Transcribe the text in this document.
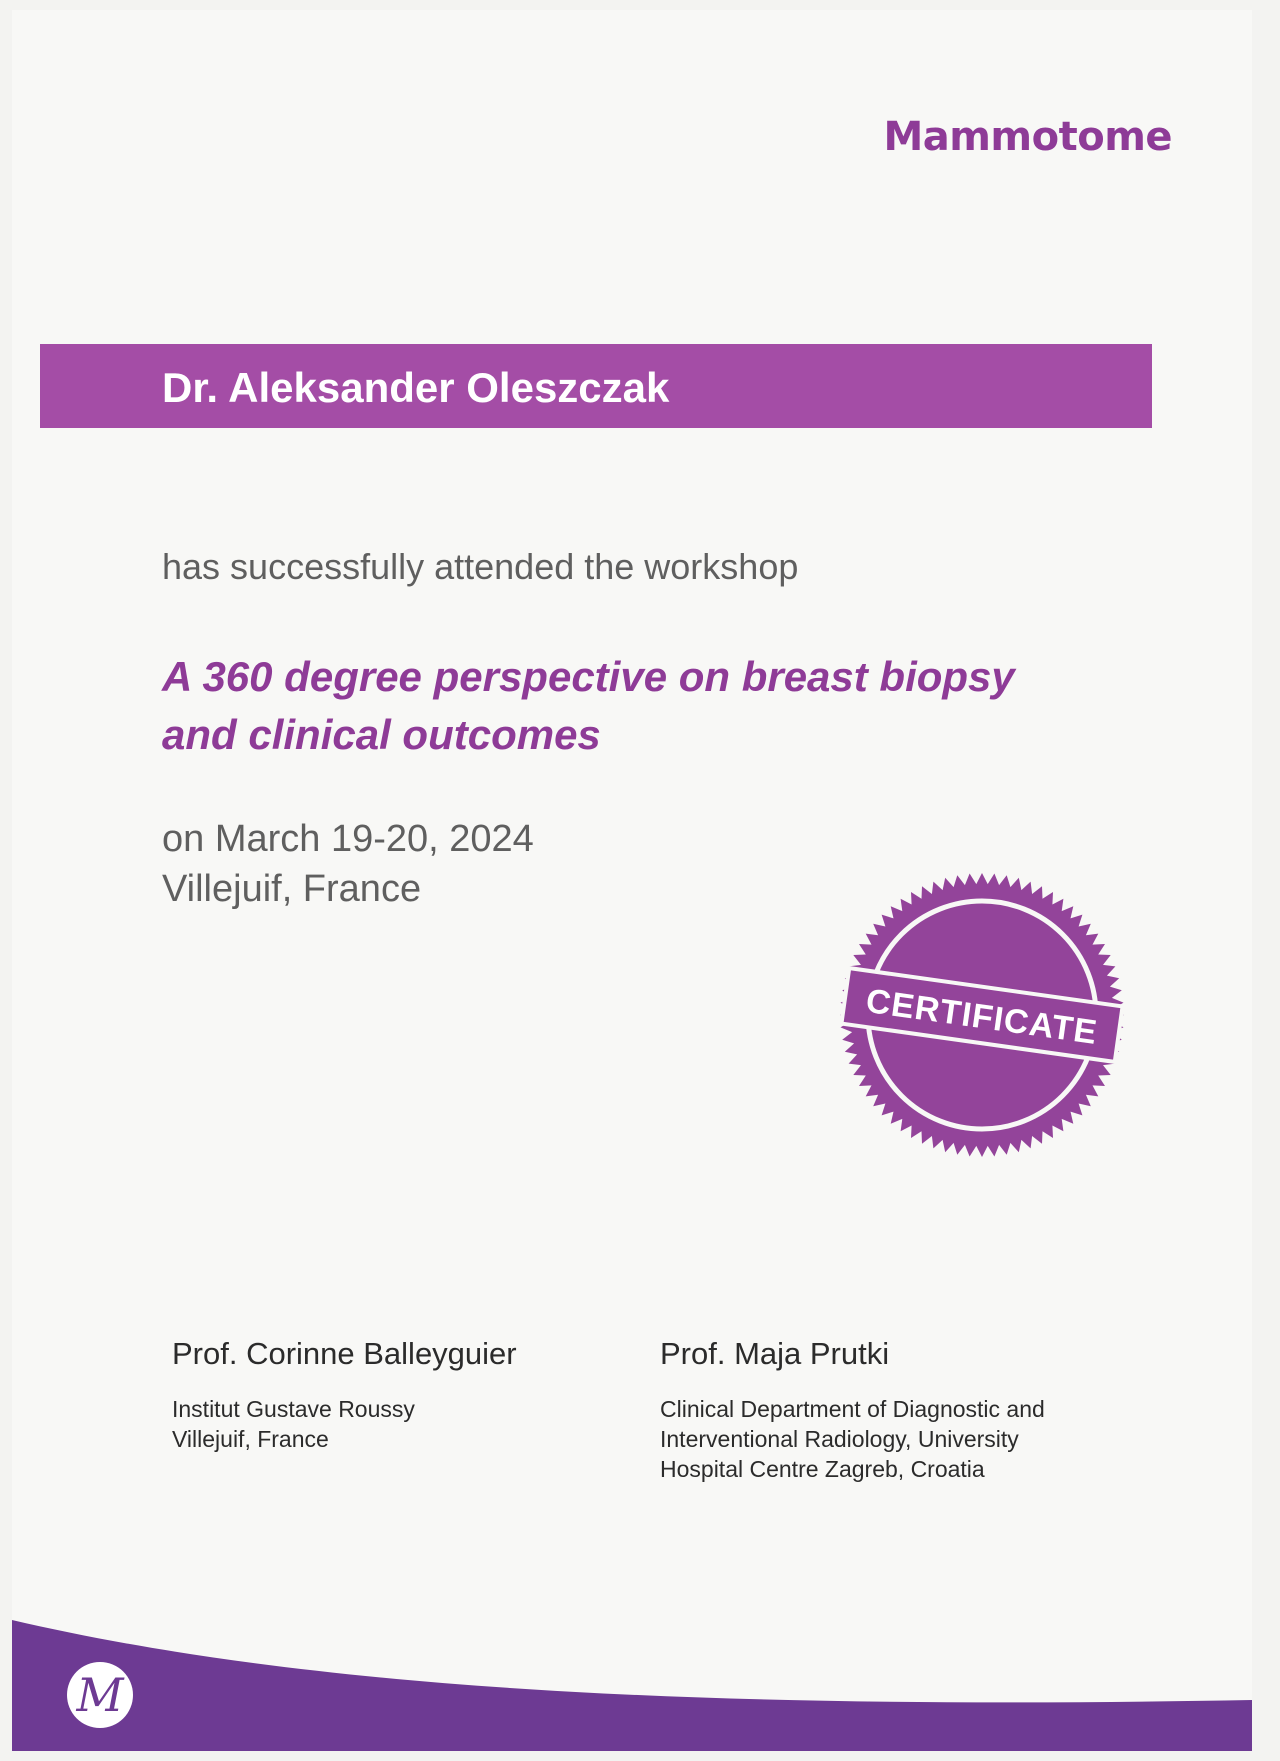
Mammotome
Dr. Aleksander Oleszczak
has successfully attended the workshop
A 360 degree perspective on breast biopsy
and clinical outcomes
on March 19-20, 2024
Villejuif, France
CERTIFICATE
Prof. Corinne Balleyguier
Institut Gustave Roussy
Villejuif, France
Prof. Maja Prutki
Clinical Department of Diagnostic and
Interventional Radiology, University
Hospital Centre Zagreb, Croatia
M
